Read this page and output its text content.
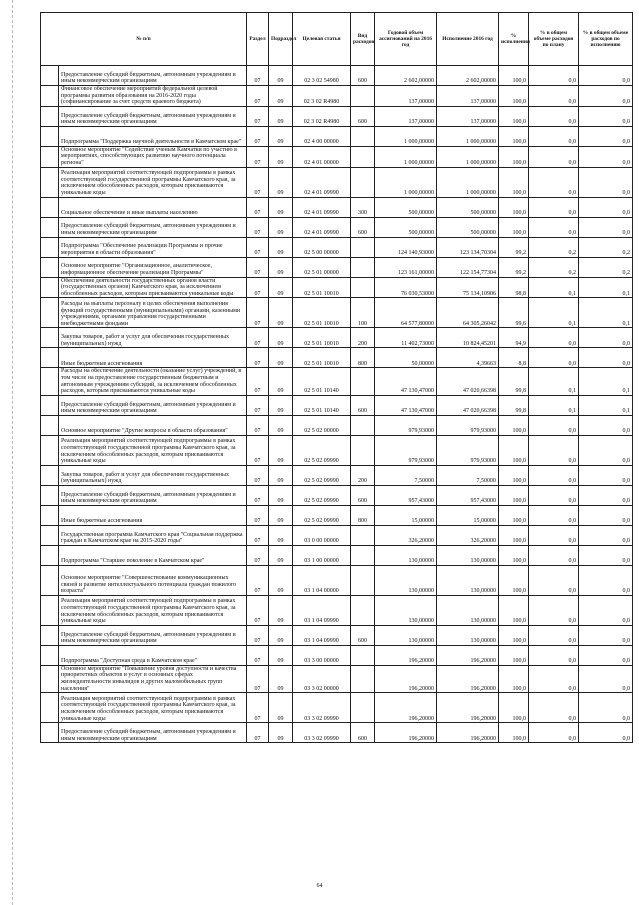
№ п/п		Раздел	Подраздел	Целевая статья	Вид расходов	Годовой объем ассигнований на 2016 год	Исполнение 2016 год	% исполнения	% в общем объеме расходов по плану	% в общем объеме расходов по исполнению
	Предоставление субсидий бюджетным, автономным учреждениям и иным некоммерческим организациям	07	09	02 3 02 54980	600	2 602,00000	2 602,00000	100,0	0,0	0,0
	Финансовое обеспечение мероприятий федеральной целевой программы развития образования на 2016-2020 годы (софинансирование за счет средств краевого бюджета)	07	09	02 3 02 R4980		137,00000	137,00000	100,0	0,0	0,0
	Предоставление субсидий бюджетным, автономным учреждениям и иным некоммерческим организациям	07	09	02 3 02 R4980	600	137,00000	137,00000	100,0	0,0	0,0
	Подпрограмма "Поддержка научной деятельности в Камчатском крае"	07	09	02 4 00 00000		1 000,00000	1 000,00000	100,0	0,0	0,0
	Основное мероприятие "Содействие ученым Камчатки по участию в мероприятиях, способствующих развитию научного потенциала региона"	07	09	02 4 01 00000		1 000,00000	1 000,00000	100,0	0,0	0,0
	Реализация мероприятий соответствующей подпрограммы в рамках соответствующей государственной программы Камчатского края, за исключением обособленных расходов, которым присваиваются уникальные коды	07	09	02 4 01 09990		1 000,00000	1 000,00000	100,0	0,0	0,0
	Социальное обеспечение и иные выплаты населению	07	09	02 4 01 09990	300	500,00000	500,00000	100,0	0,0	0,0
	Предоставление субсидий бюджетным, автономным учреждениям и иным некоммерческим организациям	07	09	02 4 01 09990	600	500,00000	500,00000	100,0	0,0	0,0
	Подпрограмма "Обеспечение реализации Программы и прочие мероприятия в области образования"	07	09	02 5 00 00000		124 140,93000	123 134,70304	99,2	0,2	0,2
	Основное мероприятие "Организационное, аналитическое, информационное обеспечение реализации Программы"	07	09	02 5 01 00000		123 161,00000	122 154,77304	99,2	0,2	0,2
	Обеспечение деятельности государственных органов власти (государственных органов) Камчатского края, за исключением обособленных расходов, которым присваиваются уникальные коды	07	09	02 5 01 10010		76 030,53000	75 134,10906	98,8	0,1	0,1
	Расходы на выплаты персоналу в целях обеспечения выполнения функций государственными (муниципальными) органами, казенными учреждениями, органами управления государственными внебюджетными фондами	07	09	02 5 01 10010	100	64 577,80000	64 305,26042	99,6	0,1	0,1
	Закупка товаров, работ и услуг для обеспечения государственных (муниципальных) нужд	07	09	02 5 01 10010	200	11 402,73000	10 824,45201	94,9	0,0	0,0
	Иные бюджетные ассигнования	07	09	02 5 01 10010	800	50,00000	4,39663	8,8	0,0	0,0
	Расходы на обеспечение деятельности (оказание услуг) учреждений, в том числе на предоставление государственным бюджетным и автономным учреждениям субсидий, за исключением обособленных расходов, которым присваиваются уникальные коды	07	09	02 5 01 10140		47 130,47000	47 020,66398	99,8	0,1	0,1
	Предоставление субсидий бюджетным, автономным учреждениям и иным некоммерческим организациям	07	09	02 5 01 10140	600	47 130,47000	47 020,66398	99,8	0,1	0,1
	Основное мероприятие "Другие вопросы в области образования"	07	09	02 5 02 00000		979,93000	979,93000	100,0	0,0	0,0
	Реализация мероприятий соответствующей подпрограммы в рамках соответствующей государственной программы Камчатского края, за исключением обособленных расходов, которым присваиваются уникальные коды	07	09	02 5 02 09990		979,93000	979,93000	100,0	0,0	0,0
	Закупка товаров, работ и услуг для обеспечения государственных (муниципальных) нужд	07	09	02 5 02 09990	200	7,50000	7,50000	100,0	0,0	0,0
	Предоставление субсидий бюджетным, автономным учреждениям и иным некоммерческим организациям	07	09	02 5 02 09990	600	957,43000	957,43000	100,0	0,0	0,0
	Иные бюджетные ассигнования	07	09	02 5 02 09990	800	15,00000	15,00000	100,0	0,0	0,0
	Государственная программа Камчатского края "Социальная поддержка граждан в Камчатском крае на 2015-2020 годы"	07	09	03 0 00 00000		326,20000	326,20000	100,0	0,0	0,0
	Подпрограмма "Старшее поколение в Камчатском крае"	07	09	03 1 00 00000		130,00000	130,00000	100,0	0,0	0,0
	Основное мероприятие "Совершенствование коммуникационных связей и развитие интеллектуального потенциала граждан пожилого возраста"	07	09	03 1 04 00000		130,00000	130,00000	100,0	0,0	0,0
	Реализация мероприятий соответствующей подпрограммы в рамках соответствующей государственной программы Камчатского края, за исключением обособленных расходов, которым присваиваются уникальные коды	07	09	03 1 04 09990		130,00000	130,00000	100,0	0,0	0,0
	Предоставление субсидий бюджетным, автономным учреждениям и иным некоммерческим организациям	07	09	03 1 04 09990	600	130,00000	130,00000	100,0	0,0	0,0
	Подпрограмма "Доступная среда в Камчатском крае"	07	09	03 3 00 00000		196,20000	196,20000	100,0	0,0	0,0
	Основное мероприятие "Повышение уровня доступности и качества приоритетных объектов и услуг в основных сферах жизнедеятельности инвалидов и других маломобильных групп населения"	07	09	03 3 02 00000		196,20000	196,20000	100,0	0,0	0,0
	Реализация мероприятий соответствующей подпрограммы в рамках соответствующей государственной программы Камчатского края, за исключением обособленных расходов, которым присваиваются уникальные коды	07	09	03 3 02 09990		196,20000	196,20000	100,0	0,0	0,0
	Предоставление субсидий бюджетным, автономным учреждениям и иным некоммерческим организациям	07	09	03 3 02 09990	600	196,20000	196,20000	100,0	0,0	0,0
64
